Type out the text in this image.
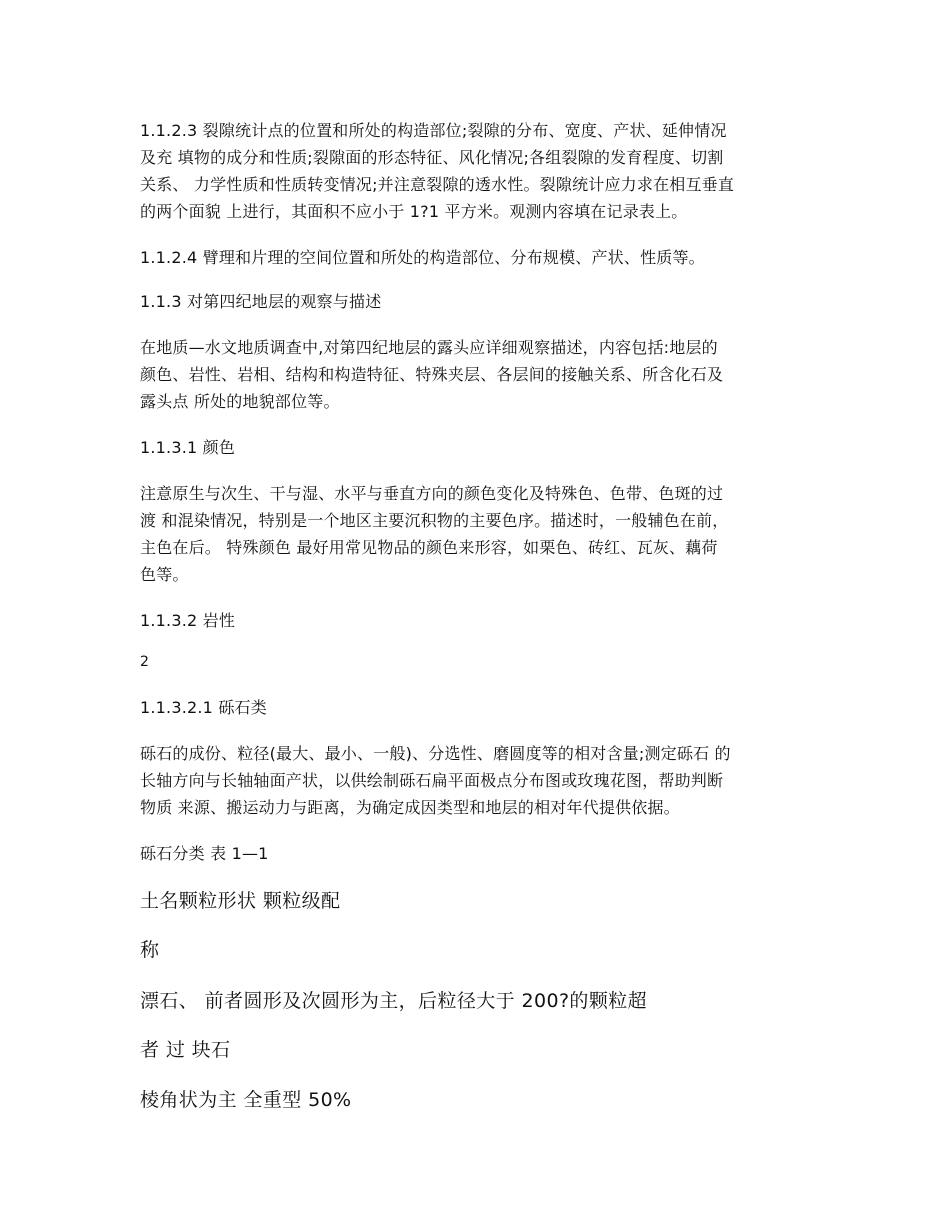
1.1.2.3 裂隙统计点的位置和所处的构造部位;裂隙的分布、宽度、产状、延伸情况
及充 填物的成分和性质;裂隙面的形态特征、风化情况;各组裂隙的发育程度、切割
关系、 力学性质和性质转变情况;并注意裂隙的透水性。裂隙统计应力求在相互垂直
的两个面貌 上进行，其面积不应小于 1?1 平方米。观测内容填在记录表上。
1.1.2.4 臂理和片理的空间位置和所处的构造部位、分布规模、产状、性质等。
1.1.3 对第四纪地层的观察与描述
在地质—水文地质调查中,对第四纪地层的露头应详细观察描述，内容包括:地层的
颜色、岩性、岩相、结构和构造特征、特殊夹层、各层间的接触关系、所含化石及
露头点 所处的地貌部位等。
1.1.3.1 颜色
注意原生与次生、干与湿、水平与垂直方向的颜色变化及特殊色、色带、色斑的过
渡 和混染情况，特别是一个地区主要沉积物的主要色序。描述时，一般辅色在前，
主色在后。 特殊颜色 最好用常见物品的颜色来形容，如栗色、砖红、瓦灰、藕荷
色等。
1.1.3.2 岩性
2
1.1.3.2.1 砾石类
砾石的成份、粒径(最大、最小、一般)、分选性、磨圆度等的相对含量;测定砾石 的
长轴方向与长轴轴面产状，以供绘制砾石扁平面极点分布图或玫瑰花图，帮助判断
物质 来源、搬运动力与距离，为确定成因类型和地层的相对年代提供依据。
砾石分类 表 1—1
土名颗粒形状 颗粒级配
称
漂石、 前者圆形及次圆形为主，后粒径大于 200?的颗粒超
者 过 块石
棱角状为主 全重型 50%
